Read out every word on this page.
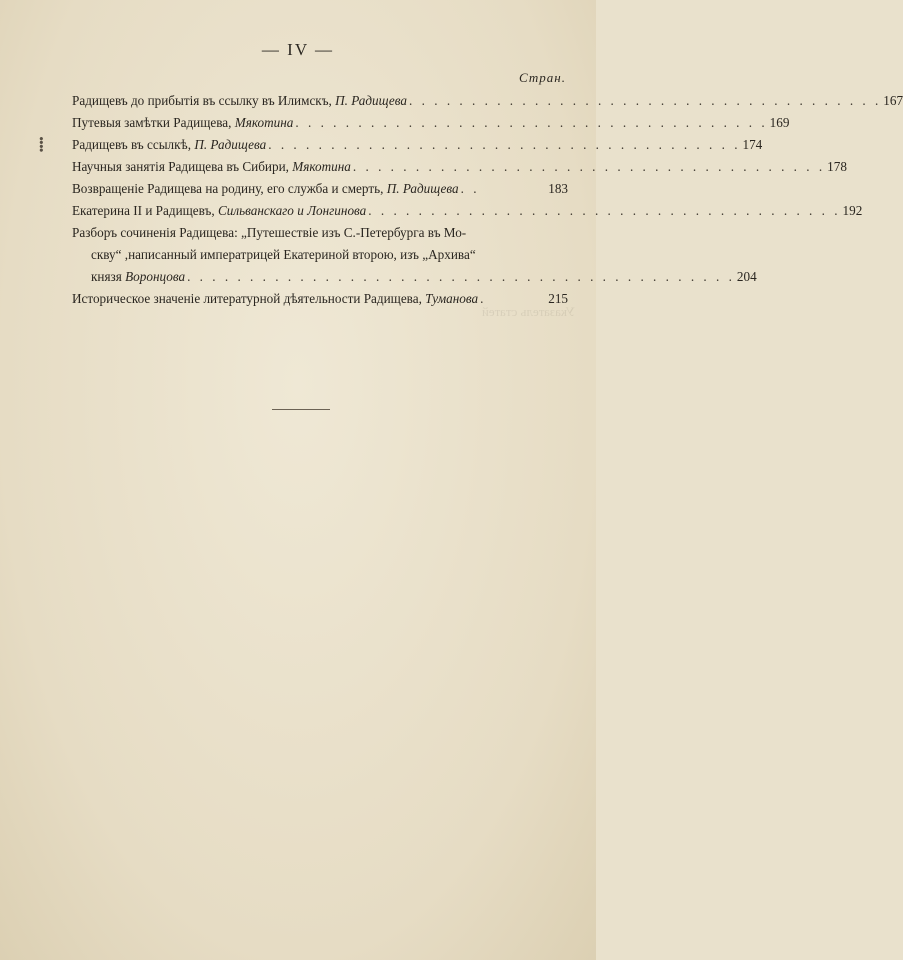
Указатель статей
— IV —
Стран.
⁞
Радищевъ до прибытія въ ссылку въ Илимскъ, П. Радищева . . . . . . . . . . . . . . . . . . . . . . . . . . . . . . . . . . . . . . 167
Путевыя замѣтки Радищева, Мякотина . . . . . . . . . . . . . . . . . . . . . . . . . . . . . . . . . . . . . . 169
Радищевъ въ ссылкѣ, П. Радищева . . . . . . . . . . . . . . . . . . . . . . . . . . . . . . . . . . . . . . 174
Научныя занятія Радищева въ Сибири, Мякотина . . . . . . . . . . . . . . . . . . . . . . . . . . . . . . . . . . . . . . 178
Возвращеніе Радищева на родину, его служба и смерть, П. Радищева . .	183
Екатерина II и Радищевъ, Сильванскаго и Лонгинова . . . . . . . . . . . . . . . . . . . . . . . . . . . . . . . . . . . . . . 192
Разборъ сочиненія Радищева: „Путешествіе изъ С.-Петербурга въ Мо-
скву“ ,написанный императрицей Екатериной второю, изъ „Архива“
князя Воронцова . . . . . . . . . . . . . . . . . . . . . . . . . . . . . . . . . . . . . . . . . . . . 204
Историческое значеніе литературной дѣятельности Радищева, Туманова .	215
